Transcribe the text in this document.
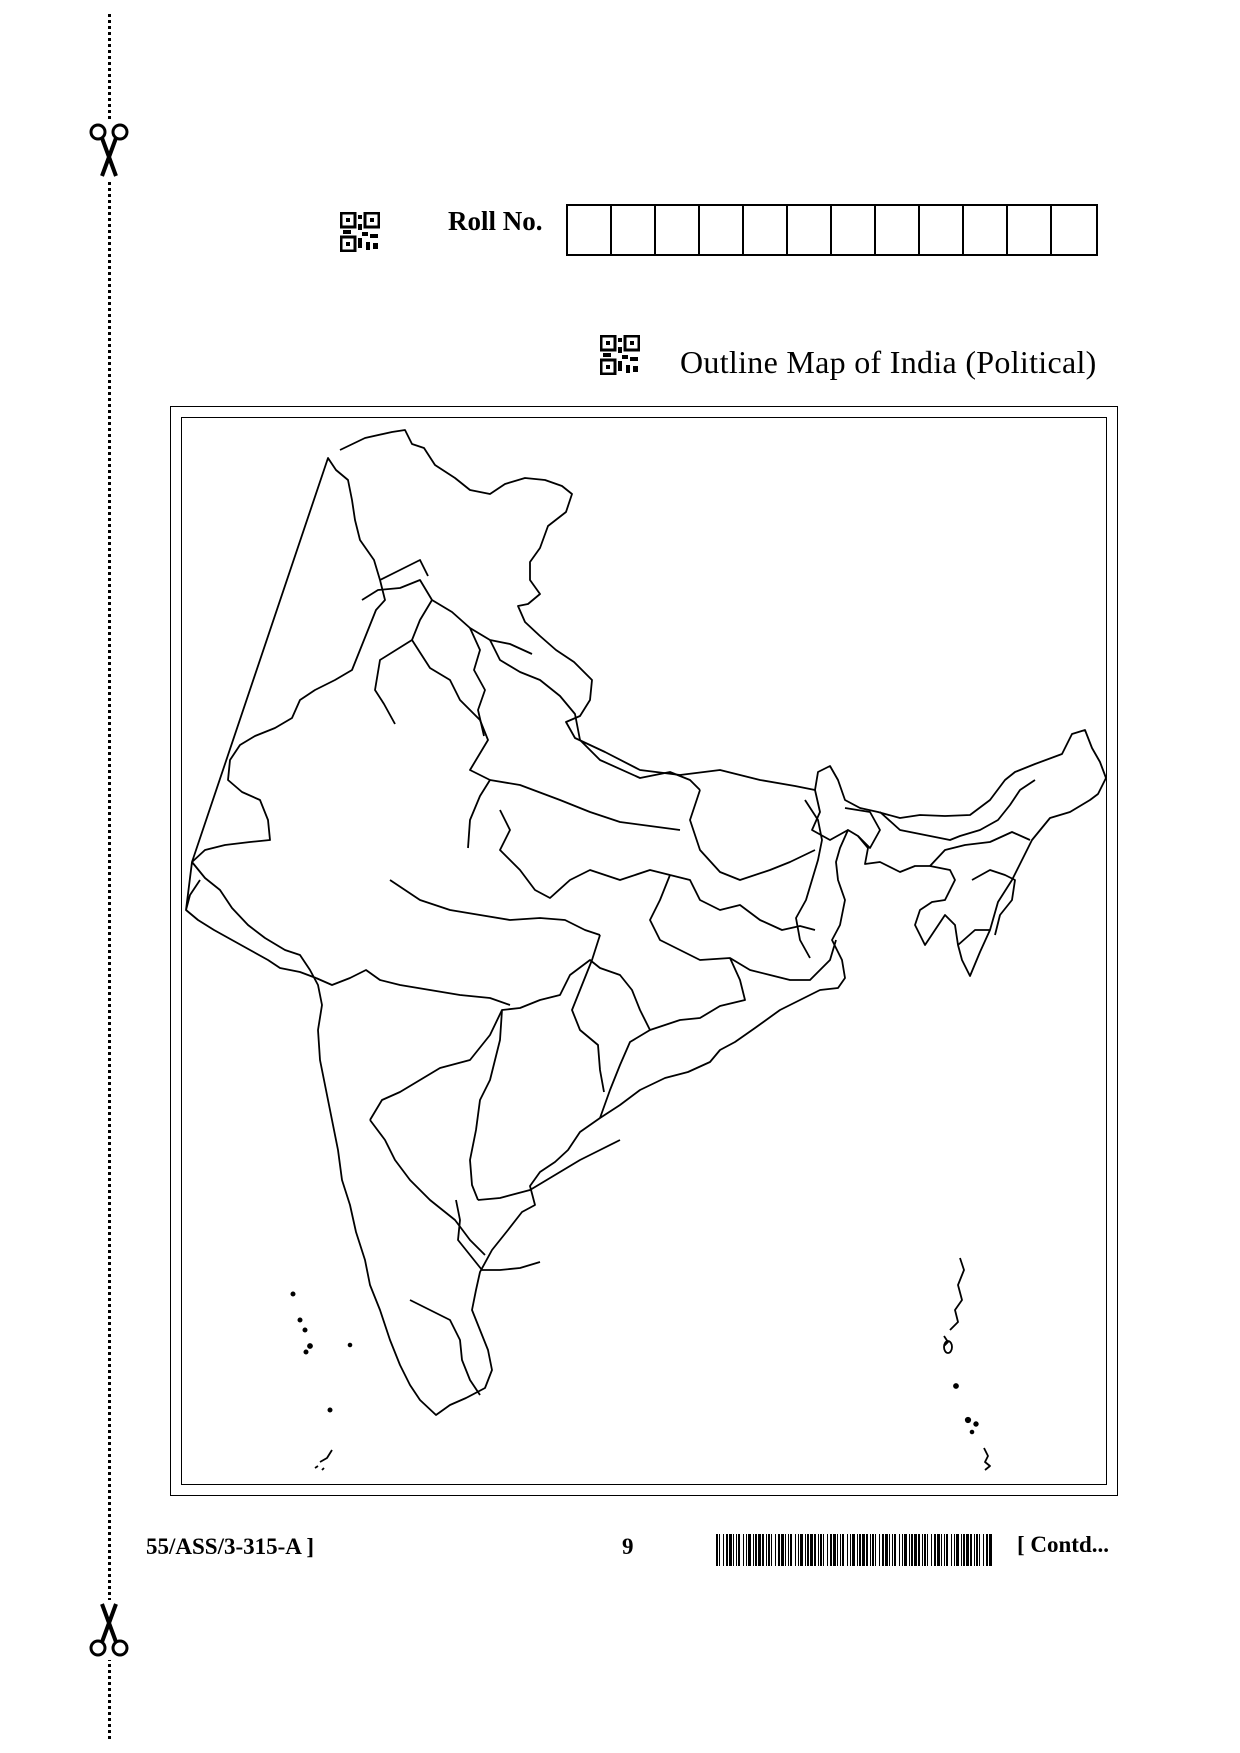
Roll No.
Outline Map of India (Political)
55/ASS/3-315-A ]	9	[ Contd...
